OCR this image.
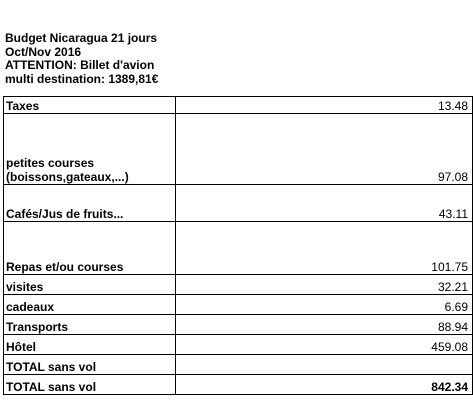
Budget Nicaragua 21 jours
Oct/Nov 2016
ATTENTION: Billet d'avion
multi destination: 1389,81€
Taxes	13.48

petites courses
(boissons,gateaux,...)	97.08
Cafés/Jus de fruits...	43.11
Repas et/ou courses	101.75
visites	32.21
cadeaux	6.69
Transports	88.94
Hôtel	459.08
TOTAL sans vol	
TOTAL sans vol	842.34
